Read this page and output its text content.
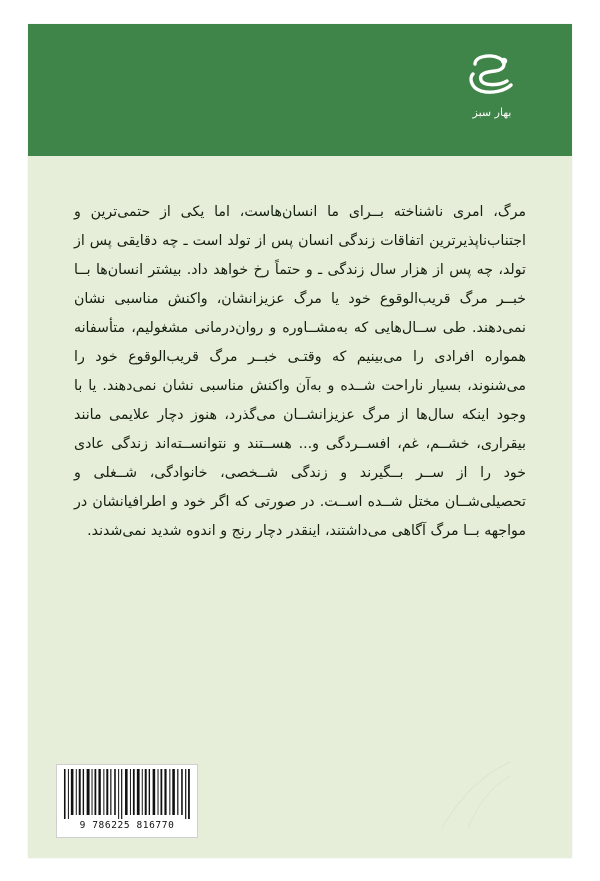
بهار سبز

مرگ، امری ناشناخته بــرای ما انسان‌هاست، اما یکی از حتمی‌ترین و اجتناب‌ناپذیرترین اتفاقات زندگی انسان پس از تولد است ـ چه دقایقی پس از تولد، چه پس از هزار سال زندگی ـ و حتماً رخ خواهد داد. بیشتر انسان‌ها بــا خبــر مرگ قریب‌الوقوع خود یا مرگ عزیزانشان، واکنش مناسبی نشان نمی‌دهند. طی ســال‌هایی که به‌مشــاوره و روان‌درمانی مشغولیم، متأسفانه همواره افرادی را می‌بینیم که وقتـی خبــر مرگ قریب‌الوقوع خود را می‌شنوند، بسیار ناراحت شــده و به‌آن واکنش مناسبی نشان نمی‌دهند. یا با وجود اینکه سال‌ها از مرگ عزیزانشــان می‌گذرد، هنوز دچار علایمی مانند بیقراری، خشــم، غم، افســردگی و... هســتند و نتوانســته‌اند زندگی عادی خود را از ســر بــگیرند و زندگی شــخصی، خانوادگی، شــغلی و تحصیلی‌شــان مختل شــده اســت. در صورتی که اگر خود و اطرافیانشان در مواجهه بــا مرگ آگاهی می‌داشتند، اینقدر دچار رنج و اندوه شدید نمی‌شدند.

9 786225 816770
